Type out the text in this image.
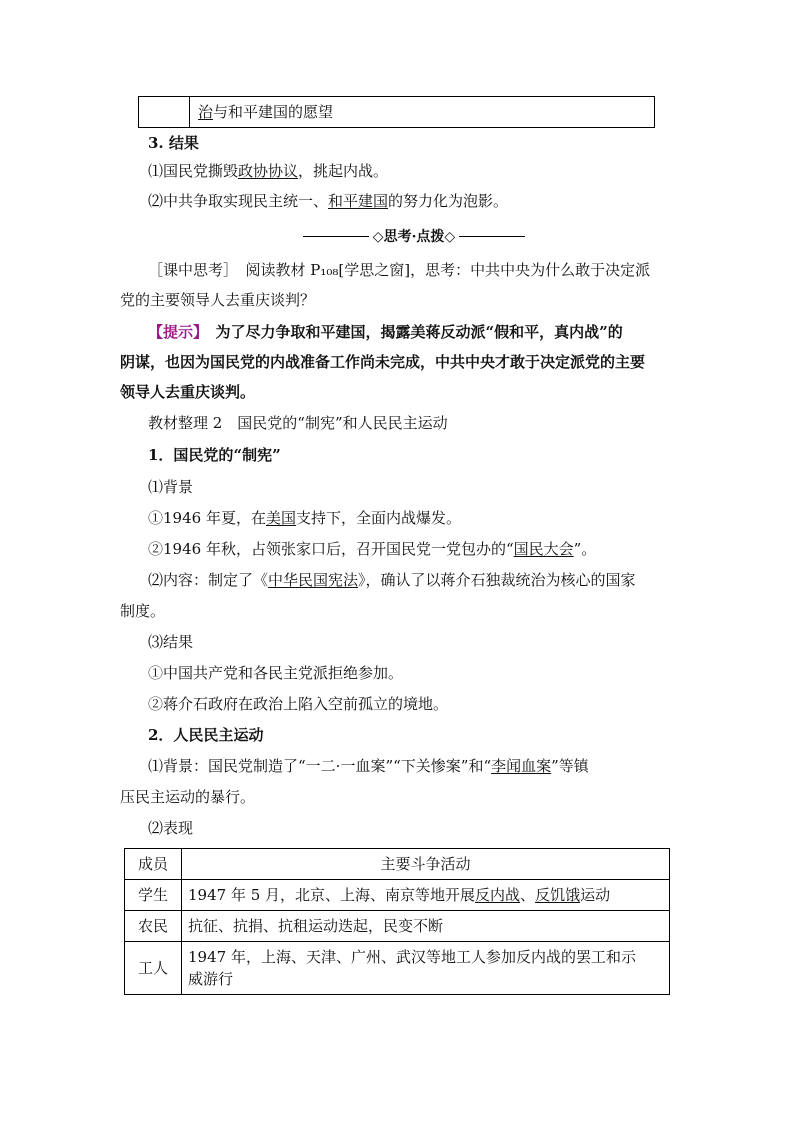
	治与和平建国的愿望
3. 结果
⑴国民党撕毁政协协议，挑起内战。
⑵中共争取实现民主统一、和平建国的努力化为泡影。
◇思考·点拨◇
［课中思考］　阅读教材 P₁₀₈[学思之窗]，思考：中共中央为什么敢于决定派
党的主要领导人去重庆谈判？
【提示】　为了尽力争取和平建国，揭露美蒋反动派“假和平，真内战”的
阴谋，也因为国民党的内战准备工作尚未完成，中共中央才敢于决定派党的主要
领导人去重庆谈判。
教材整理 2　国民党的“制宪”和人民民主运动
1．国民党的“制宪”
⑴背景
①1946 年夏，在美国支持下，全面内战爆发。
②1946 年秋，占领张家口后，召开国民党一党包办的“国民大会”。
⑵内容：制定了《中华民国宪法》，确认了以蒋介石独裁统治为核心的国家
制度。
⑶结果
①中国共产党和各民主党派拒绝参加。
②蒋介石政府在政治上陷入空前孤立的境地。
2．人民民主运动
⑴背景：国民党制造了“一二·一血案”“下关惨案”和“李闻血案”等镇
压民主运动的暴行。
⑵表现
成员	主要斗争活动
学生	1947 年 5 月，北京、上海、南京等地开展反内战、反饥饿运动
农民	抗征、抗捐、抗租运动迭起，民变不断
工人	1947 年，上海、天津、广州、武汉等地工人参加反内战的罢工和示
威游行
